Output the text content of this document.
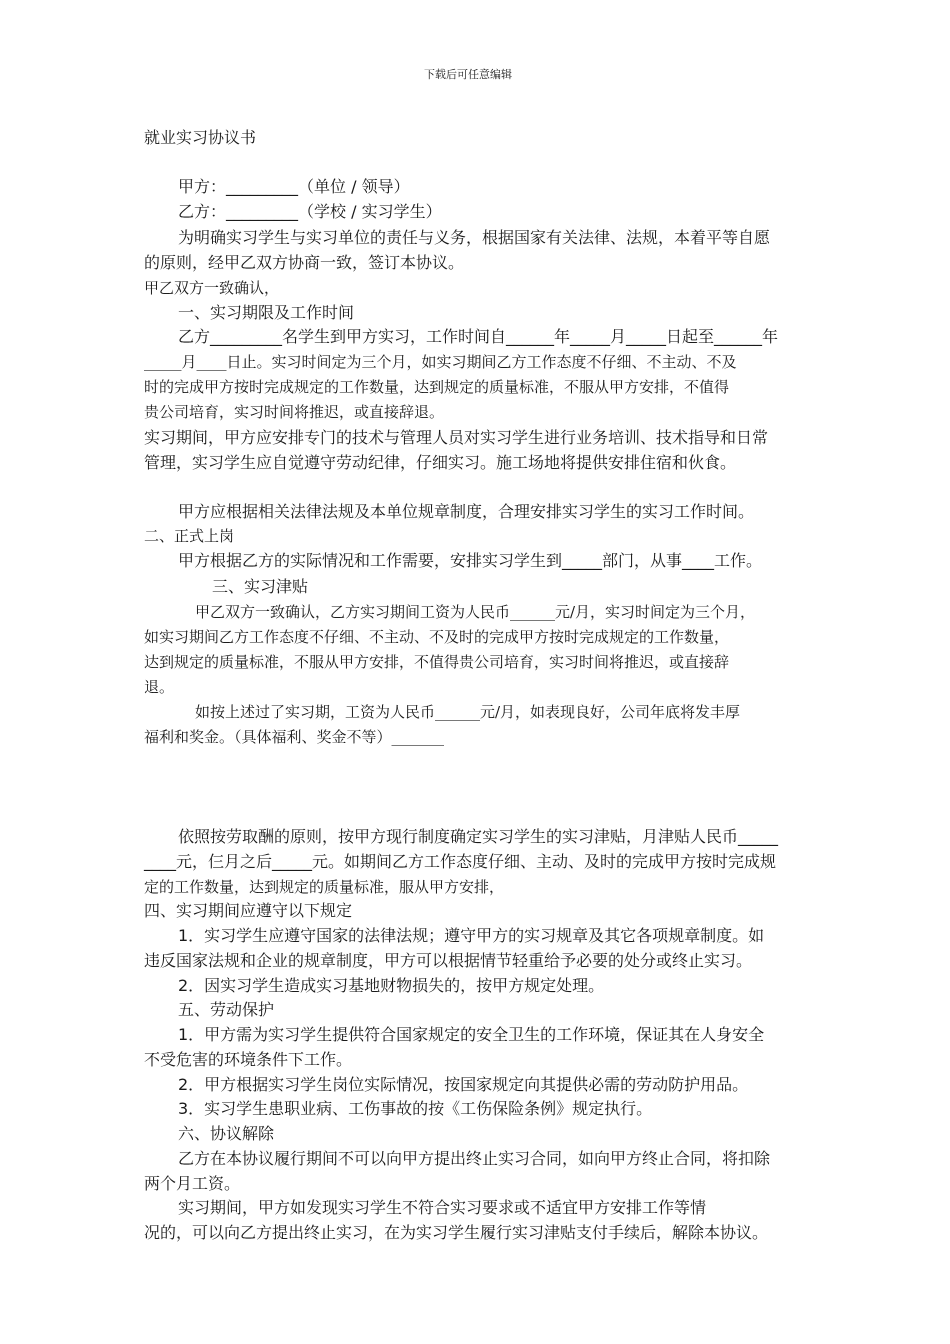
下载后可任意编辑
就业实习协议书
甲方：_________（单位 / 领导）
乙方：_________（学校 / 实习学生）
为明确实习学生与实习单位的责任与义务，根据国家有关法律、法规，本着平等自愿
的原则，经甲乙双方协商一致，签订本协议。
甲乙双方一致确认，
一、实习期限及工作时间
乙方_________名学生到甲方实习，工作时间自______年_____月_____日起至______年
_____月____日止。实习时间定为三个月，如实习期间乙方工作态度不仔细、不主动、不及
时的完成甲方按时完成规定的工作数量，达到规定的质量标准，不服从甲方安排，不值得
贵公司培育，实习时间将推迟，或直接辞退。
实习期间，甲方应安排专门的技术与管理人员对实习学生进行业务培训、技术指导和日常
管理，实习学生应自觉遵守劳动纪律，仔细实习。施工场地将提供安排住宿和伙食。
甲方应根据相关法律法规及本单位规章制度，合理安排实习学生的实习工作时间。
二、正式上岗
甲方根据乙方的实际情况和工作需要，安排实习学生到_____部门，从事____工作。
三、实习津贴
甲乙双方一致确认，乙方实习期间工资为人民币______元/月，实习时间定为三个月，
如实习期间乙方工作态度不仔细、不主动、不及时的完成甲方按时完成规定的工作数量，
达到规定的质量标准，不服从甲方安排，不值得贵公司培育，实习时间将推迟，或直接辞
退。
如按上述过了实习期，工资为人民币______元/月，如表现良好，公司年底将发丰厚
福利和奖金。（具体福利、奖金不等）_______
依照按劳取酬的原则，按甲方现行制度确定实习学生的实习津贴，月津贴人民币_____
____元，仨月之后_____元。如期间乙方工作态度仔细、主动、及时的完成甲方按时完成规
定的工作数量，达到规定的质量标准，服从甲方安排，
四、实习期间应遵守以下规定
1．实习学生应遵守国家的法律法规；遵守甲方的实习规章及其它各项规章制度。如
违反国家法规和企业的规章制度，甲方可以根据情节轻重给予必要的处分或终止实习。
2．因实习学生造成实习基地财物损失的，按甲方规定处理。
五、劳动保护
1．甲方需为实习学生提供符合国家规定的安全卫生的工作环境，保证其在人身安全
不受危害的环境条件下工作。
2．甲方根据实习学生岗位实际情况，按国家规定向其提供必需的劳动防护用品。
3．实习学生患职业病、工伤事故的按《工伤保险条例》规定执行。
六、协议解除
乙方在本协议履行期间不可以向甲方提出终止实习合同，如向甲方终止合同，将扣除
两个月工资。
实习期间，甲方如发现实习学生不符合实习要求或不适宜甲方安排工作等情
况的，可以向乙方提出终止实习，在为实习学生履行实习津贴支付手续后，解除本协议。
